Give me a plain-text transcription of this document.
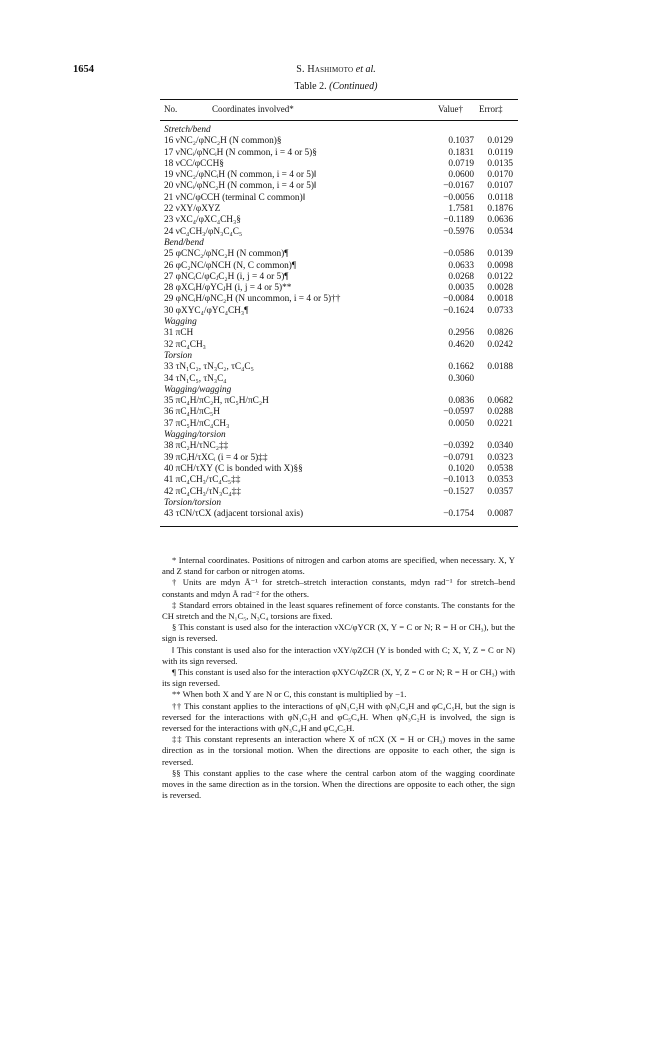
1654	S. Hashimoto et al.
Table 2. (Continued)
No.	Coordinates involved*	Value† Error‡
Stretch/bend
16 νNC₂/φNC₂H (N common)§	0.1037	0.0129
17 νNCᵢ/φNCᵢH (N common, i = 4 or 5)§	0.1831	0.0119
18 νCC/φCCH§	0.0719	0.0135
19 νNC₂/φNCᵢH (N common, i = 4 or 5)‖	0.0600	0.0170
20 νNCᵢ/φNC₂H (N common, i = 4 or 5)‖	−0.0167	0.0107
21 νNC/φCCH (terminal C common)‖	−0.0056	0.0118
22 νXY/φXYZ	1.7581	0.1876
23 νXC₄/φXC₄CH₃§	−0.1189	0.0636
24 νC₄CH₃/φN₃C₄C₅	−0.5976	0.0534
Bend/bend
25 φCNC₂/φNC₂H (N common)¶	−0.0586	0.0139
26 φC₂NC/φNCH (N, C common)¶	0.0633	0.0098
27 φNCᵢC/φCⱼC₂H (i, j = 4 or 5)¶	0.0268	0.0122
28 φXCᵢH/φYCⱼH (i, j = 4 or 5)**	0.0035	0.0028
29 φNCᵢH/φNC₂H (N uncommon, i = 4 or 5)††	−0.0084	0.0018
30 φXYC₄/φYC₄CH₃¶	−0.1624	0.0733
Wagging
31 πCH	0.2956	0.0826
32 πC₄CH₃	0.4620	0.0242
Torsion
33 τN₁C₂, τN₃C₂, τC₄C₅	0.1662	0.0188
34 τN₁C₅, τN₃C₄	0.3060
Wagging/wagging
35 πC₄H/πC₂H, πC₅H/πC₂H	0.0836	0.0682
36 πC₄H/πC₅H	−0.0597	0.0288
37 πC₅H/πC₄CH₃	0.0050	0.0221
Wagging/torsion
38 πC₂H/τNC₂‡‡	−0.0392	0.0340
39 πCᵢH/τXCᵢ (i = 4 or 5)‡‡	−0.0791	0.0323
40 πCH/τXY (C is bonded with X)§§	0.1020	0.0538
41 πC₄CH₃/τC₄C₅‡‡	−0.1013	0.0353
42 πC₄CH₃/τN₃C₄‡‡	−0.1527	0.0357
Torsion/torsion
43 τCN/τCX (adjacent torsional axis)	−0.1754	0.0087

* Internal coordinates. Positions of nitrogen and carbon atoms are specified, when necessary. X, Y and Z stand for carbon or nitrogen atoms.

† Units are mdyn Å⁻¹ for stretch–stretch interaction constants, mdyn rad⁻¹ for stretch–bend constants and mdyn Å rad⁻² for the others.

‡ Standard errors obtained in the least squares refinement of force constants. The constants for the CH stretch and the N₁C₅, N₃C₄ torsions are fixed.

§ This constant is used also for the interaction νXC/φYCR (X, Y = C or N; R = H or CH₃), but the sign is reversed.

‖ This constant is used also for the interaction νXY/φZCH (Y is bonded with C; X, Y, Z = C or N) with its sign reversed.

¶ This constant is used also for the interaction φXYC/φZCR (X, Y, Z = C or N; R = H or CH₃) with its sign reversed.

** When both X and Y are N or C, this constant is multiplied by −1.

†† This constant applies to the interactions of φN₁C₂H with φN₃C₄H and φC₄C₅H, but the sign is reversed for the interactions with φN₁C₅H and φC₅C₄H. When φN₃C₂H is involved, the sign is reversed for the interactions with φN₃C₄H and φC₄C₅H.

‡‡ This constant represents an interaction where X of πCX (X = H or CH₃) moves in the same direction as in the torsional motion. When the directions are opposite to each other, the sign is reversed.

§§ This constant applies to the case where the central carbon atom of the wagging coordinate moves in the same direction as in the torsion. When the directions are opposite to each other, the sign is reversed.
